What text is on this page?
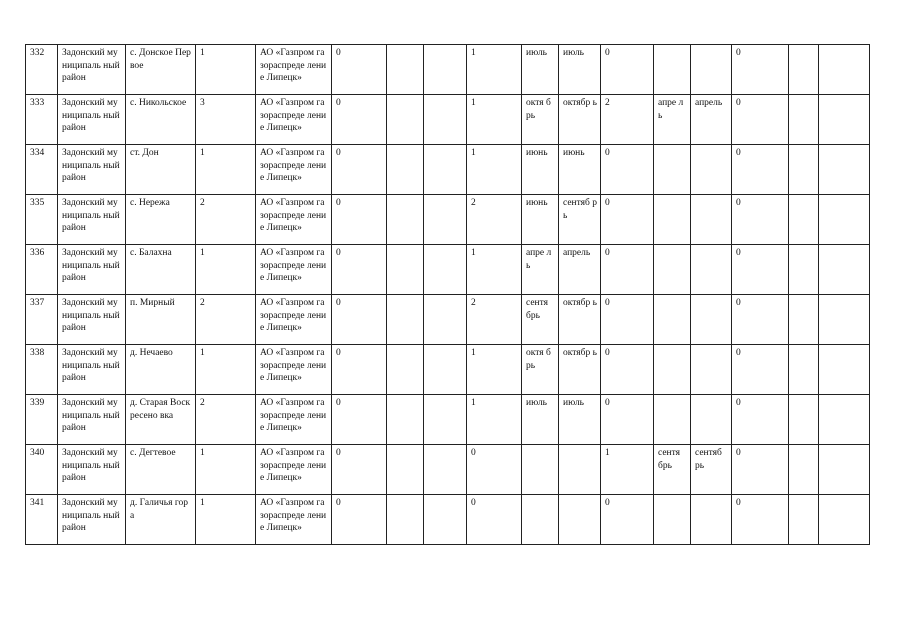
332	Задонский муниципаль ный район	с. Донское Первое	1	АО «Газпром газораспреде ление Липецк»	0			1	июль	июль	0			0		
333	Задонский муниципаль ный район	с. Никольское	3	АО «Газпром газораспреде ление Липецк»	0			1	октя брь	октябр ь	2	апре ль	апрель	0		
334	Задонский муниципаль ный район	ст. Дон	1	АО «Газпром газораспреде ление Липецк»	0			1	июнь	июнь	0			0		
335	Задонский муниципаль ный район	с. Нережа	2	АО «Газпром газораспреде ление Липецк»	0			2	июнь	сентяб рь	0			0		
336	Задонский муниципаль ный район	с. Балахна	1	АО «Газпром газораспреде ление Липецк»	0			1	апре ль	апрель	0			0		
337	Задонский муниципаль ный район	п. Мирный	2	АО «Газпром газораспреде ление Липецк»	0			2	сентя брь	октябр ь	0			0		
338	Задонский муниципаль ный район	д. Нечаево	1	АО «Газпром газораспреде ление Липецк»	0			1	октя брь	октябр ь	0			0		
339	Задонский муниципаль ный район	д. Старая Воскресено вка	2	АО «Газпром газораспреде ление Липецк»	0			1	июль	июль	0			0		
340	Задонский муниципаль ный район	с. Дегтевое	1	АО «Газпром газораспреде ление Липецк»	0			0			1	сентя брь	сентяб рь	0		
341	Задонский муниципаль ный район	д. Галичья гора	1	АО «Газпром газораспреде ление Липецк»	0			0			0			0		
